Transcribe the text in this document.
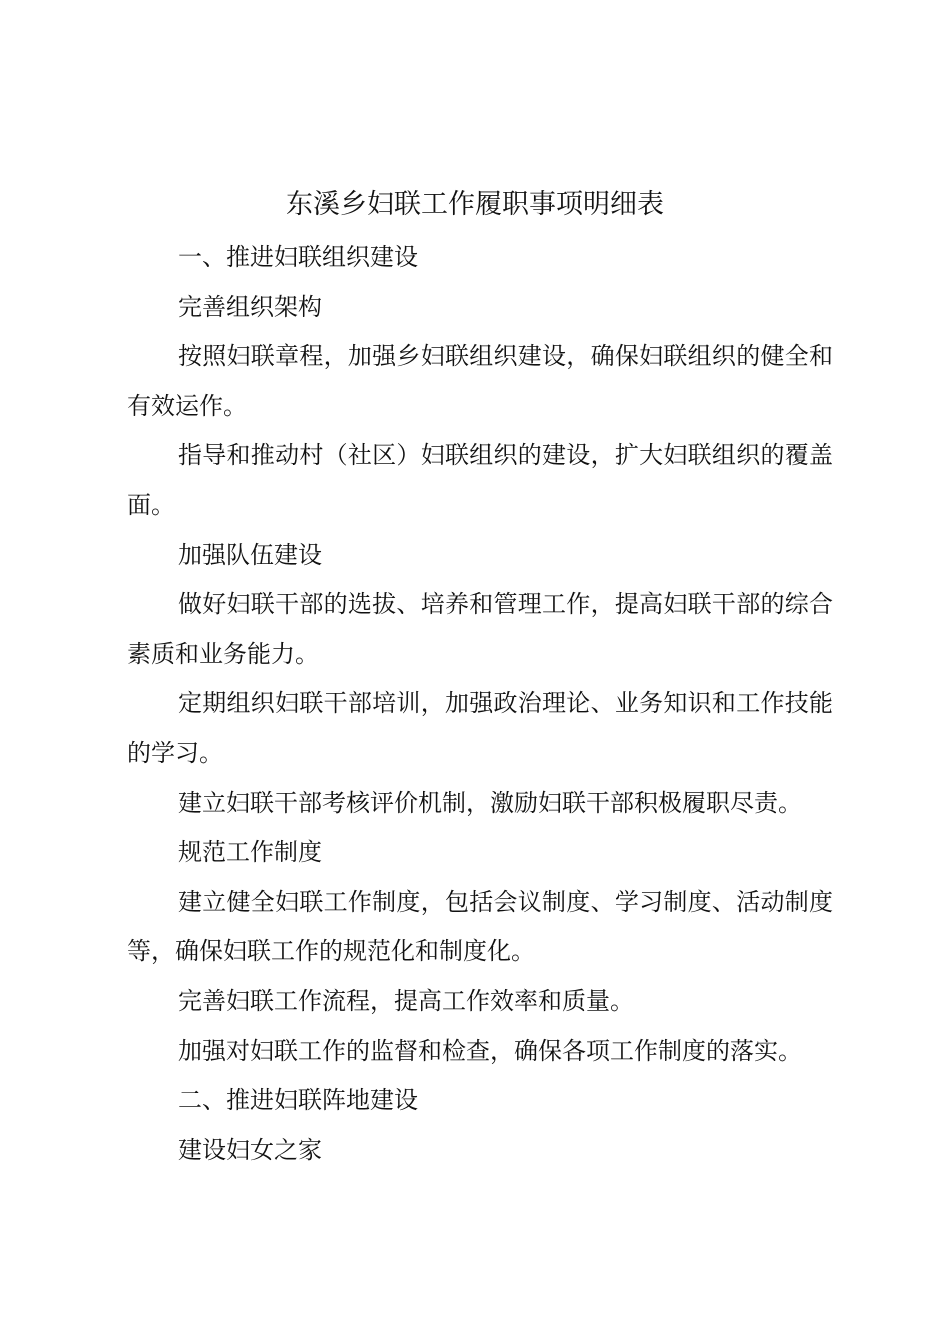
东溪乡妇联工作履职事项明细表

一、推进妇联组织建设

完善组织架构

按照妇联章程，加强乡妇联组织建设，确保妇联组织的健全和有效运作。

指导和推动村（社区）妇联组织的建设，扩大妇联组织的覆盖面。

加强队伍建设

做好妇联干部的选拔、培养和管理工作，提高妇联干部的综合素质和业务能力。

定期组织妇联干部培训，加强政治理论、业务知识和工作技能的学习。

建立妇联干部考核评价机制，激励妇联干部积极履职尽责。

规范工作制度

建立健全妇联工作制度，包括会议制度、学习制度、活动制度等，确保妇联工作的规范化和制度化。

完善妇联工作流程，提高工作效率和质量。

加强对妇联工作的监督和检查，确保各项工作制度的落实。

二、推进妇联阵地建设

建设妇女之家
